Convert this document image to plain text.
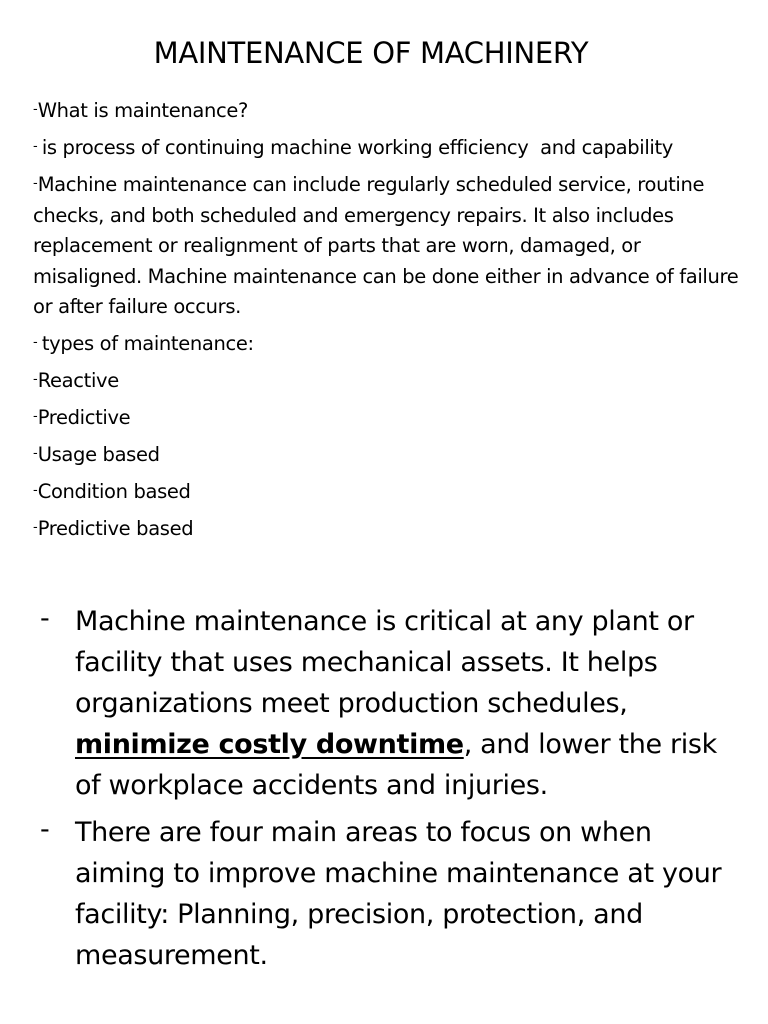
MAINTENANCE OF MACHINERY
-What is maintenance?
- is process of continuing machine working efficiency  and capability
-Machine maintenance can include regularly scheduled service, routine checks, and both scheduled and emergency repairs. It also includes replacement or realignment of parts that are worn, damaged, or misaligned. Machine maintenance can be done either in advance of failure or after failure occurs.
- types of maintenance:
-Reactive
-Predictive
-Usage based
-Condition based
-Predictive based
- Machine maintenance is critical at any plant or facility that uses mechanical assets. It helps organizations meet production schedules, minimize costly downtime, and lower the risk of workplace accidents and injuries.
- There are four main areas to focus on when aiming to improve machine maintenance at your facility: Planning, precision, protection, and measurement.
